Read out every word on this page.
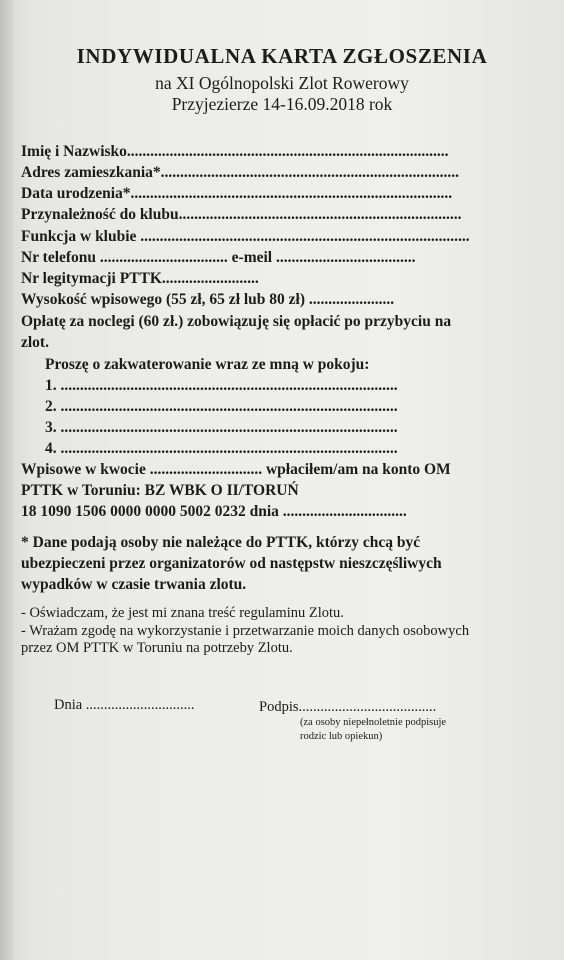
INDYWIDUALNA KARTA ZGŁOSZENIA
na XI Ogólnopolski Zlot Rowerowy
Przyjezierze 14-16.09.2018 rok
Imię i Nazwisko...................................................................................
Adres zamieszkania*.............................................................................
Data urodzenia*...................................................................................
Przynależność do klubu.........................................................................
Funkcja w klubie .....................................................................................
Nr telefonu ................................. e-meil ....................................
Nr legitymacji PTTK.........................
Wysokość wpisowego (55 zł, 65 zł lub 80 zł) ......................
Opłatę za noclegi (60 zł.) zobowiązuję się opłacić po przybyciu na
zlot.
Proszę o zakwaterowanie wraz ze mną w pokoju:
1. .......................................................................................
2. .......................................................................................
3. .......................................................................................
4. .......................................................................................
Wpisowe w kwocie ............................. wpłaciłem/am na konto OM
PTTK w Toruniu: BZ WBK O II/TORUŃ
18 1090 1506 0000 0000 5002 0232 dnia ................................
* Dane podają osoby nie należące do PTTK, którzy chcą być
ubezpieczeni przez organizatorów od następstw nieszczęśliwych
wypadków w czasie trwania zlotu.
- Oświadczam, że jest mi znana treść regulaminu Zlotu.
- Wrażam zgodę na wykorzystanie i przetwarzanie moich danych osobowych
przez OM PTTK w Toruniu na potrzeby Zlotu.
Dnia ..............................	Podpis......................................
(za osoby niepełnoletnie podpisuje
rodzic lub opiekun)
